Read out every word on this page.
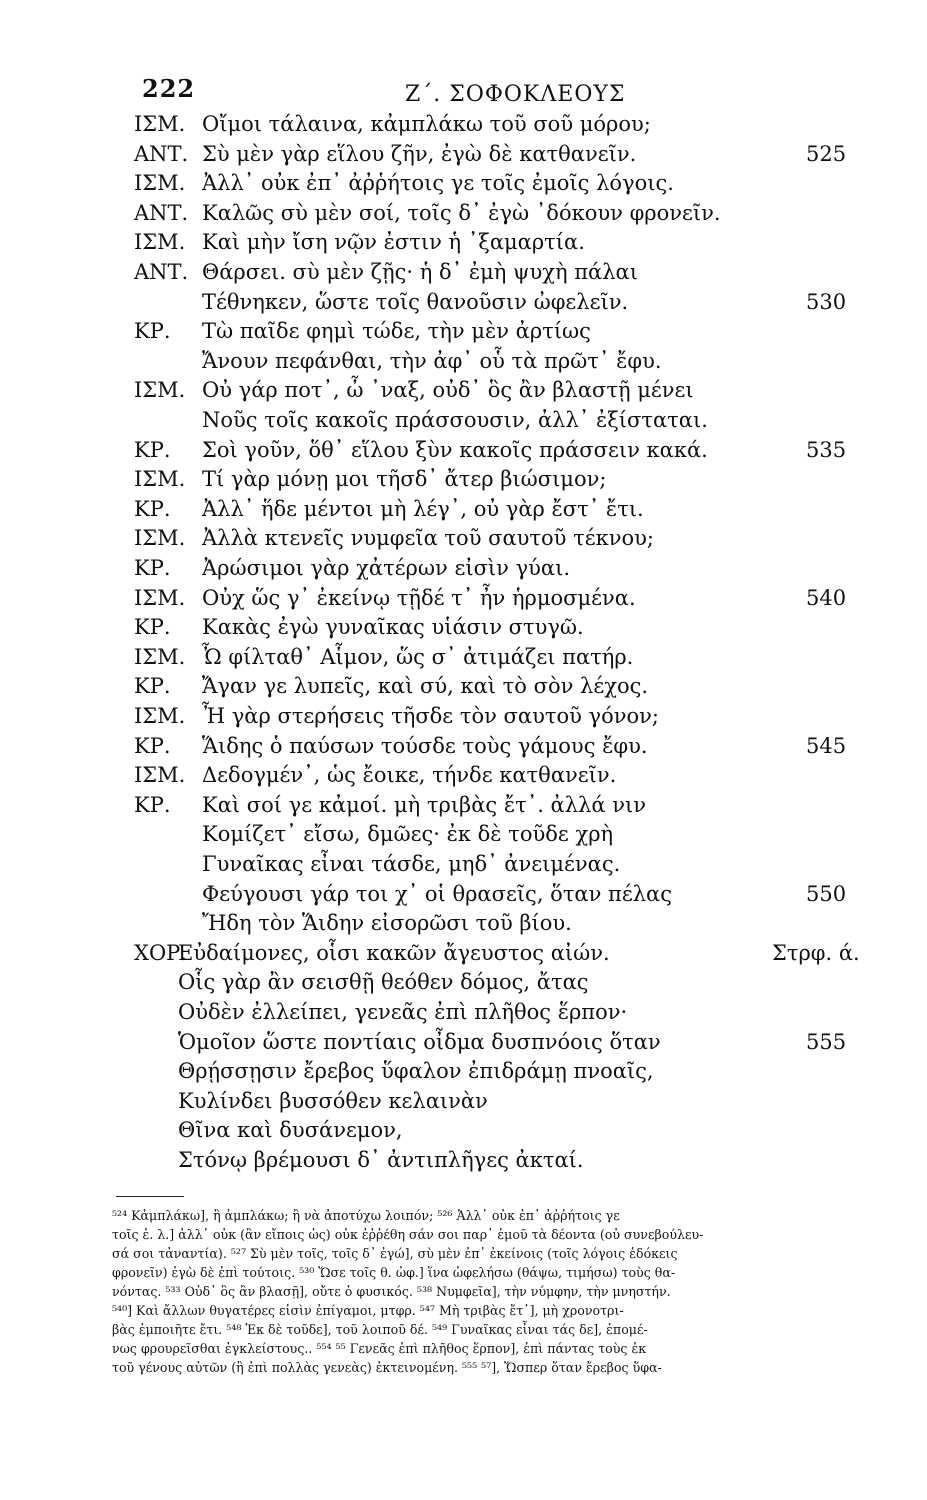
222	Ζ΄. ΣΟΦΟΚΛΕΟΥΣ
ΙΣΜ. Οἴμοι τάλαινα, κἀμπλάκω τοῦ σοῦ μόρου;
ΑΝΤ. Σὺ μὲν γὰρ εἵλου ζῆν, ἐγὼ δὲ κατθανεῖν.	525
ΙΣΜ. Ἀλλ᾽ οὐκ ἐπ᾽ ἀῤῥήτοις γε τοῖς ἐμοῖς λόγοις.
ΑΝΤ. Καλῶς σὺ μὲν σοί, τοῖς δ᾽ ἐγὼ ᾽δόκουν φρονεῖν.
ΙΣΜ. Καὶ μὴν ἴση νῷν ἐστιν ἡ ᾽ξαμαρτία.
ΑΝΤ. Θάρσει. σὺ μὲν ζῇς· ἡ δ᾽ ἐμὴ ψυχὴ πάλαι
Τέθνηκεν, ὥστε τοῖς θανοῦσιν ὠφελεῖν.	530
ΚΡ. Τὼ παῖδε φημὶ τώδε, τὴν μὲν ἀρτίως
Ἄνουν πεφάνθαι, τὴν ἀφ᾽ οὗ τὰ πρῶτ᾽ ἔφυ.
ΙΣΜ. Οὐ γάρ ποτ᾽, ὦ ᾽ναξ, οὐδ᾽ ὃς ἂν βλαστῇ μένει
Νοῦς τοῖς κακοῖς πράσσουσιν, ἀλλ᾽ ἐξίσταται.
ΚΡ. Σοὶ γοῦν, ὅθ᾽ εἵλου ξὺν κακοῖς πράσσειν κακά.	535
ΙΣΜ. Τί γὰρ μόνῃ μοι τῆσδ᾽ ἄτερ βιώσιμον;
ΚΡ. Ἀλλ᾽ ἥδε μέντοι μὴ λέγ᾽, οὐ γὰρ ἔστ᾽ ἔτι.
ΙΣΜ. Ἀλλὰ κτενεῖς νυμφεῖα τοῦ σαυτοῦ τέκνου;
ΚΡ. Ἀρώσιμοι γὰρ χἀτέρων εἰσὶν γύαι.
ΙΣΜ. Οὐχ ὥς γ᾽ ἐκείνῳ τῇδέ τ᾽ ἦν ἡρμοσμένα.	540
ΚΡ. Κακὰς ἐγὼ γυναῖκας υἱάσιν στυγῶ.
ΙΣΜ. Ὦ φίλταθ᾽ Αἷμον, ὥς σ᾽ ἀτιμάζει πατήρ.
ΚΡ. Ἄγαν γε λυπεῖς, καὶ σύ, καὶ τὸ σὸν λέχος.
ΙΣΜ. Ἦ γὰρ στερήσεις τῆσδε τὸν σαυτοῦ γόνον;
ΚΡ. Ἅιδης ὁ παύσων τούσδε τοὺς γάμους ἔφυ.	545
ΙΣΜ. Δεδογμέν᾽, ὡς ἔοικε, τήνδε κατθανεῖν.
ΚΡ. Καὶ σοί γε κἀμοί. μὴ τριβὰς ἔτ᾽. ἀλλά νιν
Κομίζετ᾽ εἴσω, δμῶες· ἐκ δὲ τοῦδε χρὴ
Γυναῖκας εἶναι τάσδε, μηδ᾽ ἀνειμένας.
Φεύγουσι γάρ τοι χ᾽ οἱ θρασεῖς, ὅταν πέλας	550
Ἤδη τὸν Ἅιδην εἰσορῶσι τοῦ βίου.
ΧΟΡ.
Εὐδαίμονες, οἷσι κακῶν ἄγευστος αἰών.	Στρφ. ά.
Οἷς γὰρ ἂν σεισθῇ θεόθεν δόμος, ἄτας
Οὐδὲν ἐλλείπει, γενεᾶς ἐπὶ πλῆθος ἕρπον·
Ὁμοῖον ὥστε ποντίαις οἶδμα δυσπνόοις ὅταν	555
Θρῄσσῃσιν ἔρεβος ὕφαλον ἐπιδράμῃ πνοαῖς,
Κυλίνδει βυσσόθεν κελαινὰν
Θῖνα καὶ δυσάνεμον,
Στόνῳ βρέμουσι δ᾽ ἀντιπλῆγες ἀκταί.
⁵²⁴ Κἀμπλάκω], ἢ ἀμπλάκω; ἢ νὰ ἀποτύχω λοιπόν; ⁵²⁶ Ἀλλ᾽ οὐκ ἐπ᾽ ἀῤῥήτοις γε
τοῖς ἐ. λ.] ἀλλ᾽ οὐκ (ἂν εἴποις ὡς) οὐκ ἐῤῥέθη σάν σοι παρ᾽ ἐμοῦ τὰ δέοντα (οὐ συνεβούλευ-
σά σοι τἀναντία). ⁵²⁷ Σὺ μὲν τοῖς, τοῖς δ᾽ ἐγώ], σὺ μὲν ἐπ᾽ ἐκείνοις (τοῖς λόγοις ἐδόκεις
φρονεῖν) ἐγὼ δὲ ἐπὶ τούτοις. ⁵³⁰ Ὥσε τοῖς θ. ὠφ.] ἵνα ὠφελήσω (θάψω, τιμήσω) τοὺς θα-
νόντας. ⁵³³ Οὐδ᾽ ὃς ἂν βλασῇ], οὔτε ὁ φυσικός. ⁵³⁸ Νυμφεῖα], τὴν νύμφην, τὴν μνηστήν.
⁵⁴⁰] Καὶ ἄλλων θυγατέρες εἰσὶν ἐπίγαμοι, μτφρ. ⁵⁴⁷ Μὴ τριβὰς ἔτ᾽], μὴ χρονοτρι-
βὰς ἐμποιῆτε ἔτι. ⁵⁴⁸ Ἐκ δὲ τοῦδε], τοῦ λοιποῦ δέ. ⁵⁴⁹ Γυναῖκας εἶναι τάς δε], ἐπομέ-
νως φρουρεῖσθαι ἐγκλείστους.. ⁵⁵⁴ ⁵⁵ Γενεᾶς ἐπὶ πλῆθος ἕρπον], ἐπὶ πάντας τοὺς ἐκ
τοῦ γένους αὐτῶν (ἢ ἐπὶ πολλὰς γενεὰς) ἐκτεινομένη. ⁵⁵⁵ ⁵⁷], Ὥσπερ ὅταν ἔρεβος ὕφα-
